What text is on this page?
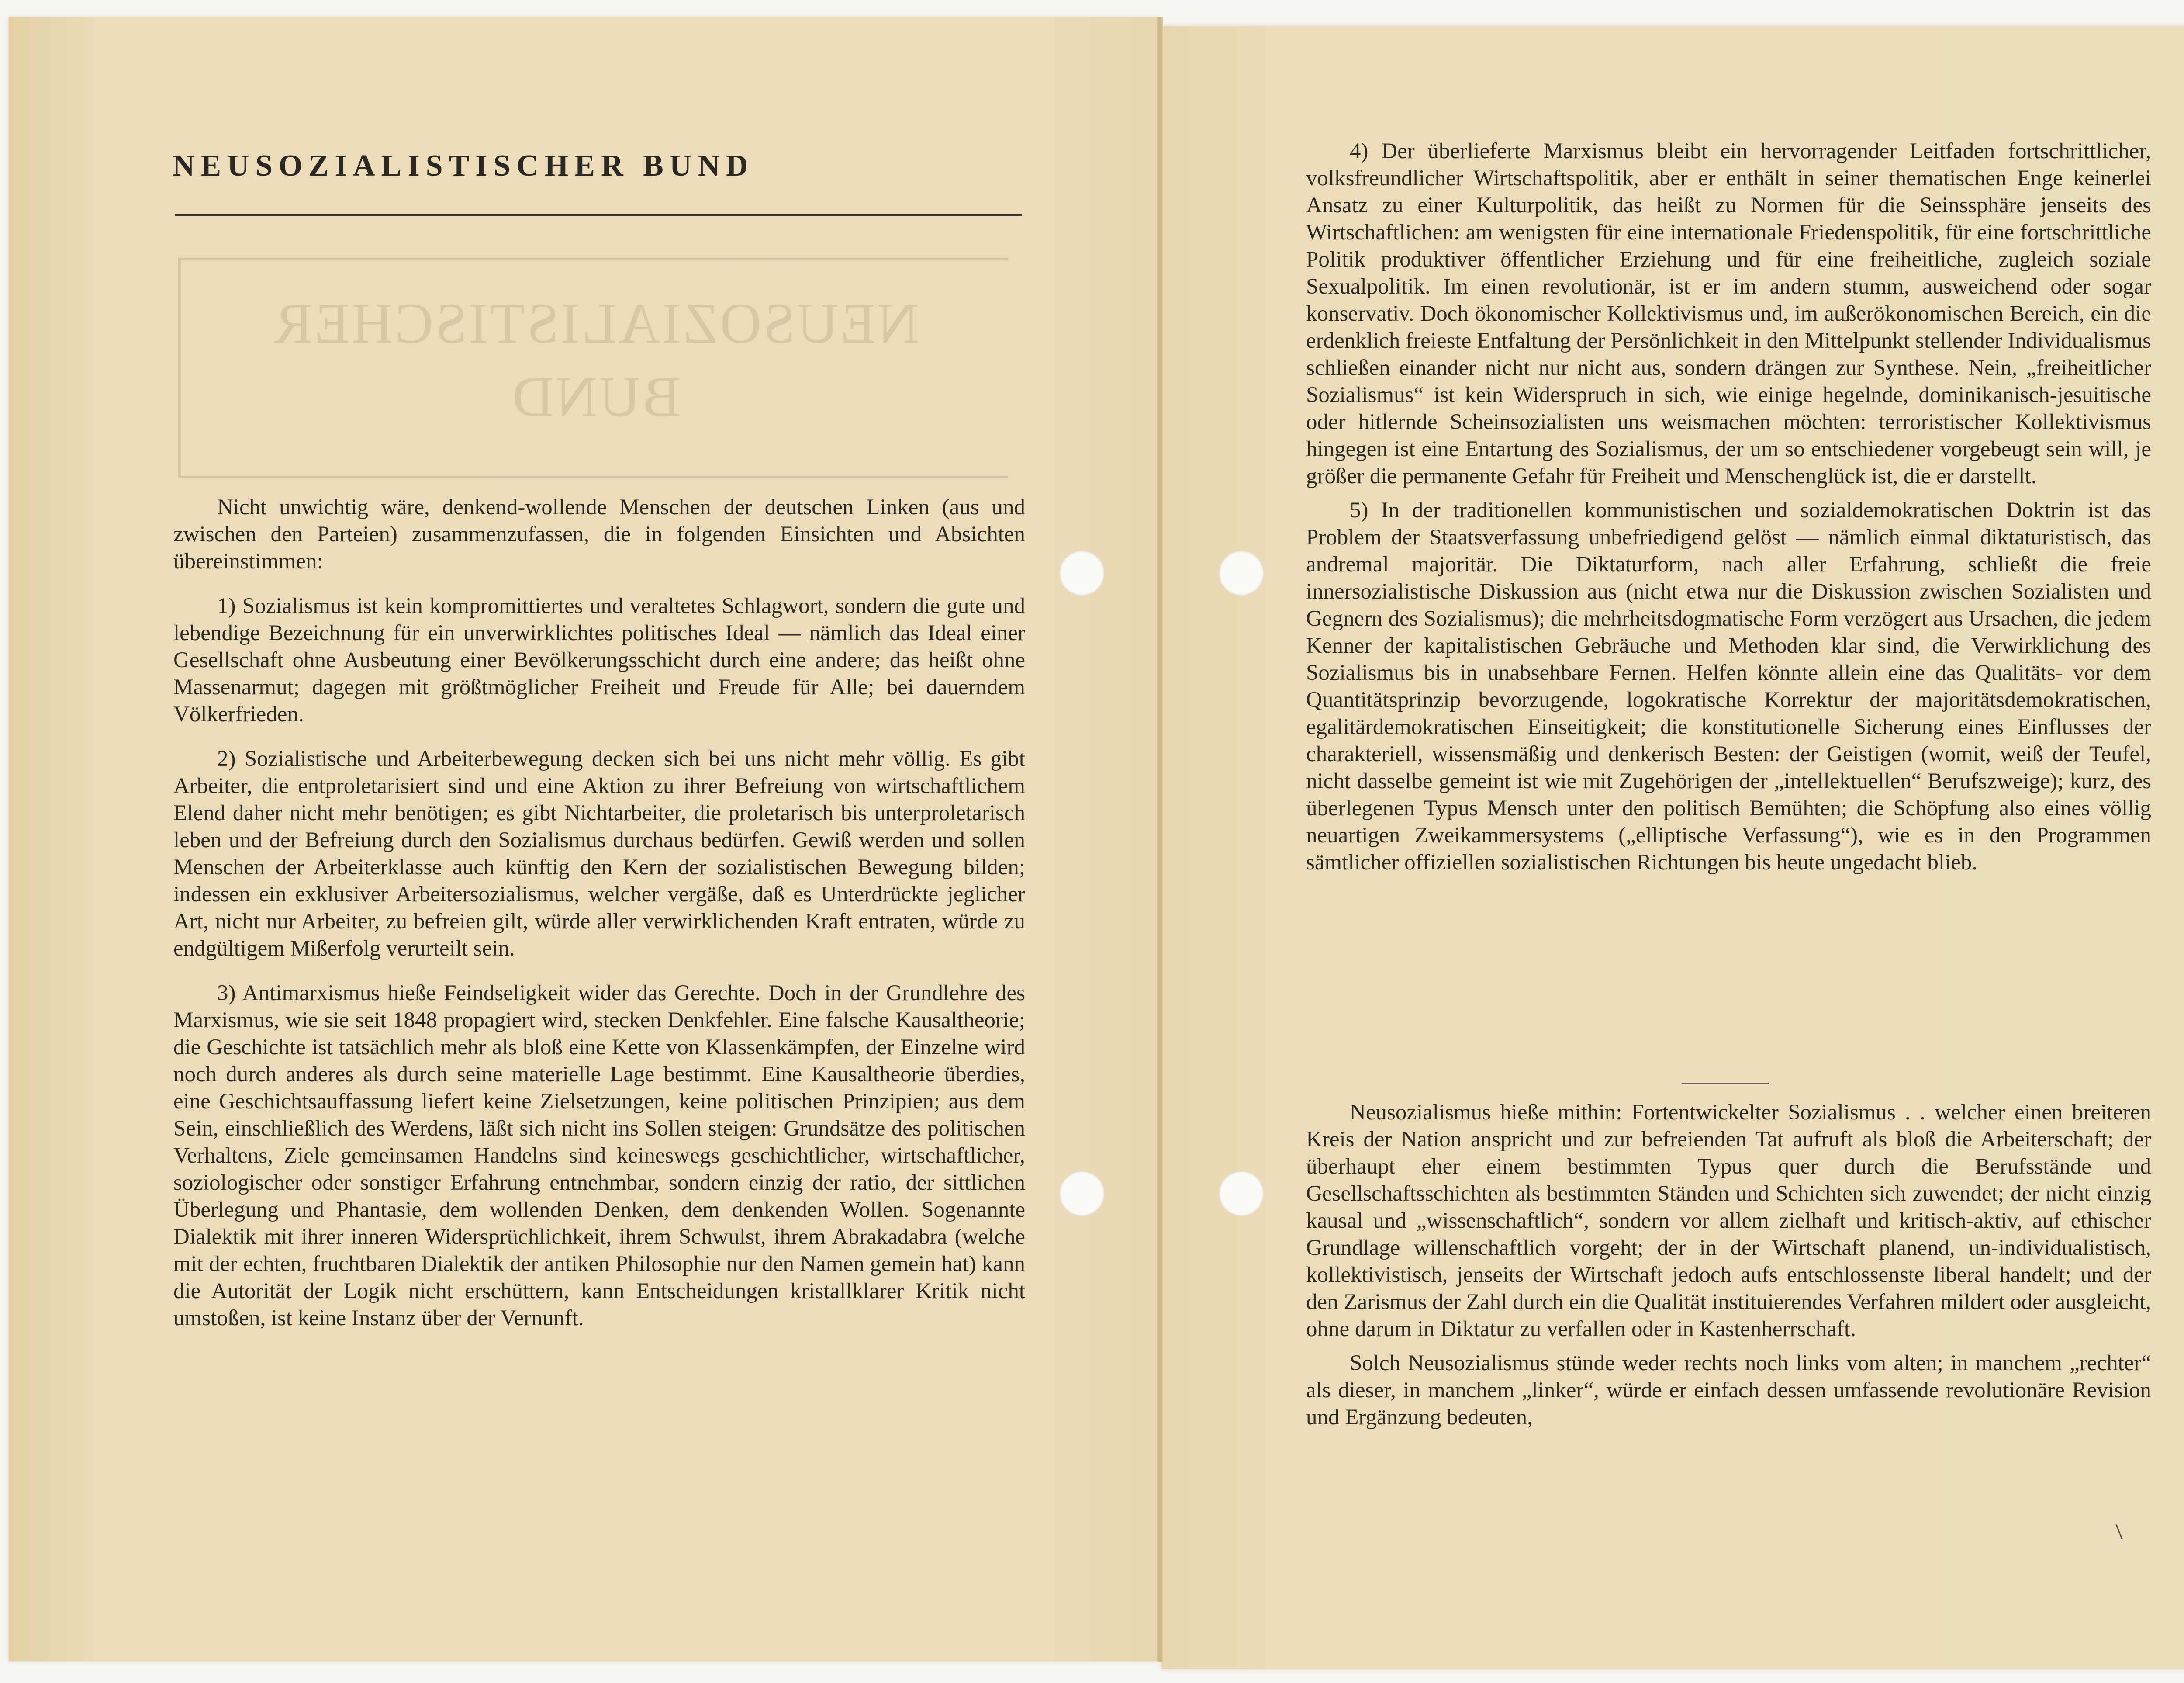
NEUSOZIALISTISCHER BUND

NEUSOZIALISTISCHER BUND

Nicht unwichtig wäre, denkend-wollende Menschen der deutschen Linken (aus und zwischen den Parteien) zusammenzufassen, die in folgenden Einsichten und Absichten übereinstimmen:

1) Sozialismus ist kein kompromittiertes und veraltetes Schlagwort, sondern die gute und lebendige Bezeichnung für ein unverwirklichtes politisches Ideal — nämlich das Ideal einer Gesellschaft ohne Ausbeutung einer Bevölkerungsschicht durch eine andere; das heißt ohne Massenarmut; dagegen mit größtmöglicher Freiheit und Freude für Alle; bei dauerndem Völkerfrieden.

2) Sozialistische und Arbeiterbewegung decken sich bei uns nicht mehr völlig. Es gibt Arbeiter, die entproletarisiert sind und eine Aktion zu ihrer Befreiung von wirtschaftlichem Elend daher nicht mehr benötigen; es gibt Nichtarbeiter, die proletarisch bis unterproletarisch leben und der Befreiung durch den Sozialismus durchaus bedürfen. Gewiß werden und sollen Menschen der Arbeiterklasse auch künftig den Kern der sozialistischen Bewegung bilden; indessen ein exklusiver Arbeitersozialismus, welcher vergäße, daß es Unterdrückte jeglicher Art, nicht nur Arbeiter, zu befreien gilt, würde aller verwirklichenden Kraft entraten, würde zu endgültigem Mißerfolg verurteilt sein.

3) Antimarxismus hieße Feindseligkeit wider das Gerechte. Doch in der Grundlehre des Marxismus, wie sie seit 1848 propagiert wird, stecken Denkfehler. Eine falsche Kausaltheorie; die Geschichte ist tatsächlich mehr als bloß eine Kette von Klassenkämpfen, der Einzelne wird noch durch anderes als durch seine materielle Lage bestimmt. Eine Kausaltheorie überdies, eine Geschichtsauffassung liefert keine Zielsetzungen, keine politischen Prinzipien; aus dem Sein, einschließlich des Werdens, läßt sich nicht ins Sollen steigen: Grundsätze des politischen Verhaltens, Ziele gemeinsamen Handelns sind keineswegs geschichtlicher, wirtschaftlicher, soziologischer oder sonstiger Erfahrung entnehmbar, sondern einzig der ratio, der sittlichen Überlegung und Phantasie, dem wollenden Denken, dem denkenden Wollen. Sogenannte Dialektik mit ihrer inneren Widersprüchlichkeit, ihrem Schwulst, ihrem Abrakadabra (welche mit der echten, fruchtbaren Dialektik der antiken Philosophie nur den Namen gemein hat) kann die Autorität der Logik nicht erschüttern, kann Entscheidungen kristallklarer Kritik nicht umstoßen, ist keine Instanz über der Vernunft.

4) Der überlieferte Marxismus bleibt ein hervorragender Leitfaden fortschrittlicher, volksfreundlicher Wirtschaftspolitik, aber er enthält in seiner thematischen Enge keinerlei Ansatz zu einer Kulturpolitik, das heißt zu Normen für die Seinssphäre jenseits des Wirtschaftlichen: am wenigsten für eine internationale Friedenspolitik, für eine fortschrittliche Politik produktiver öffentlicher Erziehung und für eine freiheitliche, zugleich soziale Sexualpolitik. Im einen revolutionär, ist er im andern stumm, ausweichend oder sogar konservativ. Doch ökonomischer Kollektivismus und, im außerökonomischen Bereich, ein die erdenklich freieste Entfaltung der Persönlichkeit in den Mittelpunkt stellender Individualismus schließen einander nicht nur nicht aus, sondern drängen zur Synthese. Nein, „freiheitlicher Sozialismus“ ist kein Widerspruch in sich, wie einige hegelnde, dominikanisch-jesuitische oder hitlernde Scheinsozialisten uns weismachen möchten: terroristischer Kollektivismus hingegen ist eine Entartung des Sozialismus, der um so entschiedener vorgebeugt sein will, je größer die permanente Gefahr für Freiheit und Menschenglück ist, die er darstellt.

5) In der traditionellen kommunistischen und sozialdemokratischen Doktrin ist das Problem der Staatsverfassung unbefriedigend gelöst — nämlich einmal diktaturistisch, das andremal majoritär. Die Diktaturform, nach aller Erfahrung, schließt die freie innersozialistische Diskussion aus (nicht etwa nur die Diskussion zwischen Sozialisten und Gegnern des Sozialismus); die mehrheitsdogmatische Form verzögert aus Ursachen, die jedem Kenner der kapitalistischen Gebräuche und Methoden klar sind, die Verwirklichung des Sozialismus bis in unabsehbare Fernen. Helfen könnte allein eine das Qualitäts- vor dem Quantitätsprinzip bevorzugende, logokratische Korrektur der majoritätsdemokratischen, egalitärdemokratischen Einseitigkeit; die konstitutionelle Sicherung eines Einflusses der charakteriell, wissensmäßig und denkerisch Besten: der Geistigen (womit, weiß der Teufel, nicht dasselbe gemeint ist wie mit Zugehörigen der „intellektuellen“ Berufszweige); kurz, des überlegenen Typus Mensch unter den politisch Bemühten; die Schöpfung also eines völlig neuartigen Zweikammersystems („elliptische Verfassung“), wie es in den Programmen sämtlicher offiziellen sozialistischen Richtungen bis heute ungedacht blieb.

Neusozialismus hieße mithin: Fortentwickelter Sozialismus . . welcher einen breiteren Kreis der Nation anspricht und zur befreienden Tat aufruft als bloß die Arbeiterschaft; der überhaupt eher einem bestimmten Typus quer durch die Berufsstände und Gesellschaftsschichten als bestimmten Ständen und Schichten sich zuwendet; der nicht einzig kausal und „wissenschaftlich“, sondern vor allem zielhaft und kritisch-aktiv, auf ethischer Grundlage willenschaftlich vorgeht; der in der Wirtschaft planend, un-individualistisch, kollektivistisch, jenseits der Wirtschaft jedoch aufs entschlossenste liberal handelt; und der den Zarismus der Zahl durch ein die Qualität instituierendes Verfahren mildert oder ausgleicht, ohne darum in Diktatur zu verfallen oder in Kastenherrschaft.

Solch Neusozialismus stünde weder rechts noch links vom alten; in manchem „rechter“ als dieser, in manchem „linker“, würde er einfach dessen umfassende revolutionäre Revision und Ergänzung bedeuten,
